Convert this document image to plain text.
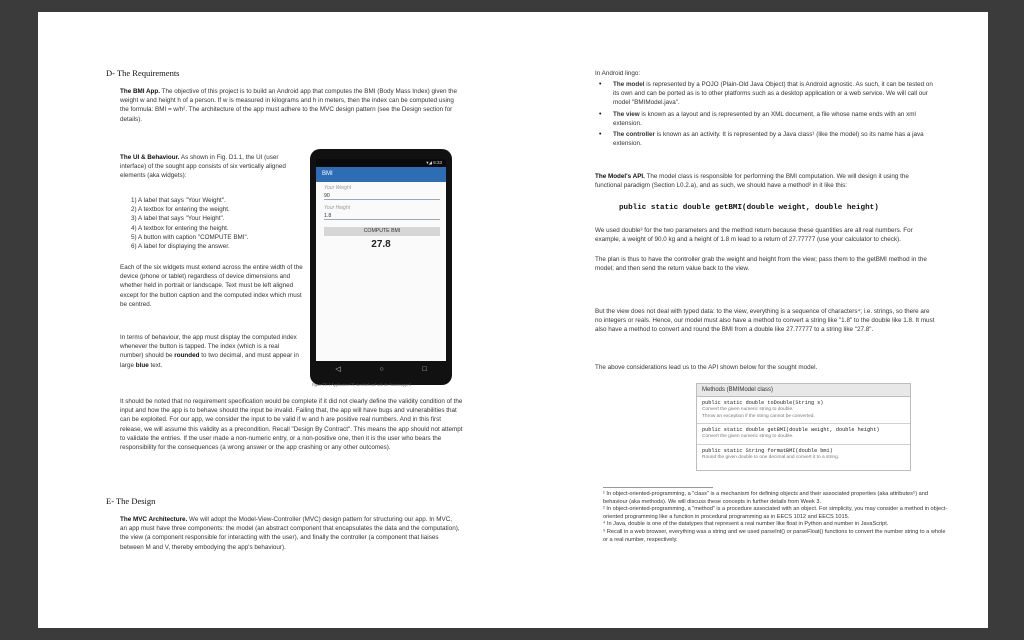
D- The Requirements

The BMI App. The objective of this project is to build an Android app that computes the BMI (Body Mass Index) given the weight w and height h of a person. If w is measured in kilograms and h in meters, then the index can be computed using the formula: BMI = w/h². The architecture of the app must adhere to the MVC design pattern (see the Design section for details).

The UI & Behaviour. As shown in Fig. D1.1, the UI (user interface) of the sought app consists of six vertically aligned elements (aka widgets):

1) A label that says "Your Weight".
2) A textbox for entering the weight.
3) A label that says "Your Height".
4) A textbox for entering the height.
5) A button with caption "COMPUTE BMI".
6) A label for displaying the answer.

Each of the six widgets must extend across the entire width of the device (phone or tablet) regardless of device dimensions and whether held in portrait or landscape. Text must be left aligned except for the button caption and the computed index which must be centred.

In terms of behaviour, the app must display the computed index whenever the button is tapped. The index (which is a real number) should be rounded to two decimal, and must appear in large blue text.

▾◢ 6:33
BMI
Your Weight
90
Your Height
1.8
COMPUTE BMI
27.8
◁	○	□
Figure D1.1 Application UI, sketched and with the button tapped

It should be noted that no requirement specification would be complete if it did not clearly define the validity condition of the input and how the app is to behave should the input be invalid. Failing that, the app will have bugs and vulnerabilities that can be exploited. For our app, we consider the input to be valid if w and h are positive real numbers. And in this first release, we will assume this validity as a precondition. Recall "Design By Contract". This means the app should not attempt to validate the entries. If the user made a non-numeric entry, or a non-positive one, then it is the user who bears the responsibility for the consequences (a wrong answer or the app crashing or any other outcomes).

E- The Design

The MVC Architecture. We will adopt the Model-View-Controller (MVC) design pattern for structuring our app. In MVC, an app must have three components: the model (an abstract component that encapsulates the data and the computation), the view (a component responsible for interacting with the user), and finally the controller (a component that liaises between M and V, thereby embodying the app's behaviour).

In Android lingo:

• The model is represented by a POJO (Plain-Old Java Object) that is Android agnostic. As such, it can be tested on its own and can be ported as is to other platforms such as a desktop application or a web service. We will call our model "BMIModel.java".
• The view is known as a layout and is represented by an XML document, a file whose name ends with an xml extension.
• The controller is known as an activity. It is represented by a Java class¹ (like the model) so its name has a java extension.

The Model's API. The model class is responsible for performing the BMI computation. We will design it using the functional paradigm (Section L0.2.a), and as such, we should have a method² in it like this:

public static double getBMI(double weight, double height)

We used double³ for the two parameters and the method return because these quantities are all real numbers. For example, a weight of 90.0 kg and a height of 1.8 m lead to a return of 27.77777 (use your calculator to check).

The plan is thus to have the controller grab the weight and height from the view; pass them to the getBMI method in the model; and then send the return value back to the view.

But the view does not deal with typed data: to the view, everything is a sequence of characters⁴; i.e. strings, so there are no integers or reals. Hence, our model must also have a method to convert a string like "1.8" to the double like 1.8. It must also have a method to convert and round the BMI from a double like 27.77777 to a string like "27.8".

The above considerations lead us to the API shown below for the sought model.

Methods (BMIModel class)
public static double toDouble(String s)
Convert the given numeric string to double.
Throw an exception if the string cannot be converted.
public static double getBMI(double weight, double height)
Convert the given numeric string to double.
public static String formatBMI(double bmi)
Round the given double to one decimal and convert it to a string.

¹ In object-oriented-programming, a "class" is a mechanism for defining objects and their associated properties (aka attributes⁵) and behaviour (aka methods). We will discuss these concepts in further details from Week 3.

² In object-oriented-programming, a "method" is a procedure associated with an object. For simplicity, you may consider a method in object-oriented programming like a function in procedural programming as in EECS 1012 and EECS 1015.

⁴ In Java, double is one of the datatypes that represent a real number like float in Python and number in JavaScript.

⁵ Recall in a web browser, everything was a string and we used parseInt() or parseFloat() functions to convert the number string to a whole or a real number, respectively.
